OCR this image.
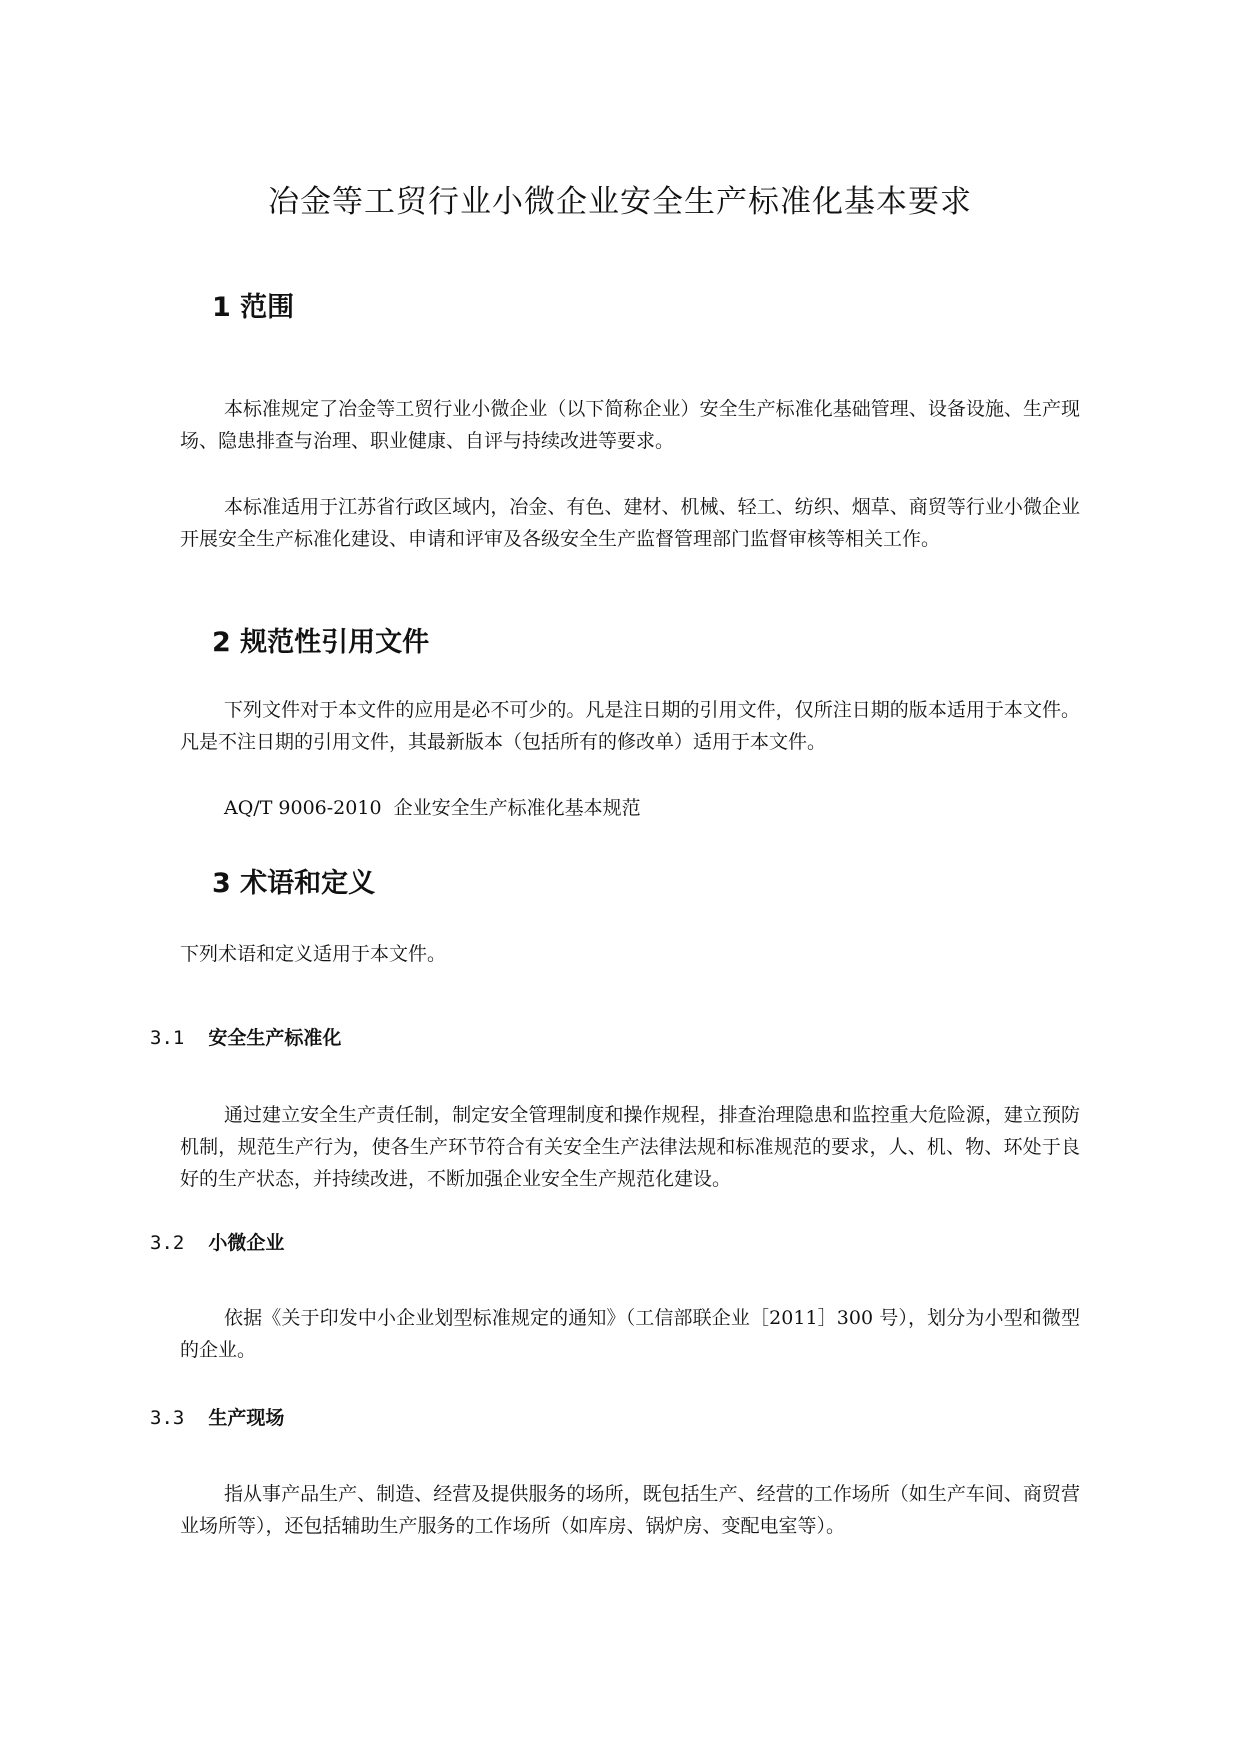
冶金等工贸行业小微企业安全生产标准化基本要求
1 范围

本标准规定了冶金等工贸行业小微企业（以下简称企业）安全生产标准化基础管理、设备设施、生产现场、隐患排查与治理、职业健康、自评与持续改进等要求。

本标准适用于江苏省行政区域内，冶金、有色、建材、机械、轻工、纺织、烟草、商贸等行业小微企业开展安全生产标准化建设、申请和评审及各级安全生产监督管理部门监督审核等相关工作。

2 规范性引用文件

下列文件对于本文件的应用是必不可少的。凡是注日期的引用文件，仅所注日期的版本适用于本文件。凡是不注日期的引用文件，其最新版本（包括所有的修改单）适用于本文件。

AQ/T 9006-2010  企业安全生产标准化基本规范

3 术语和定义

下列术语和定义适用于本文件。

3.1 安全生产标准化

通过建立安全生产责任制，制定安全管理制度和操作规程，排查治理隐患和监控重大危险源，建立预防机制，规范生产行为，使各生产环节符合有关安全生产法律法规和标准规范的要求，人、机、物、环处于良好的生产状态，并持续改进，不断加强企业安全生产规范化建设。

3.2 小微企业

依据《关于印发中小企业划型标准规定的通知》（工信部联企业［2011］300 号），划分为小型和微型的企业。

3.3 生产现场

指从事产品生产、制造、经营及提供服务的场所，既包括生产、经营的工作场所（如生产车间、商贸营业场所等），还包括辅助生产服务的工作场所（如库房、锅炉房、变配电室等）。
